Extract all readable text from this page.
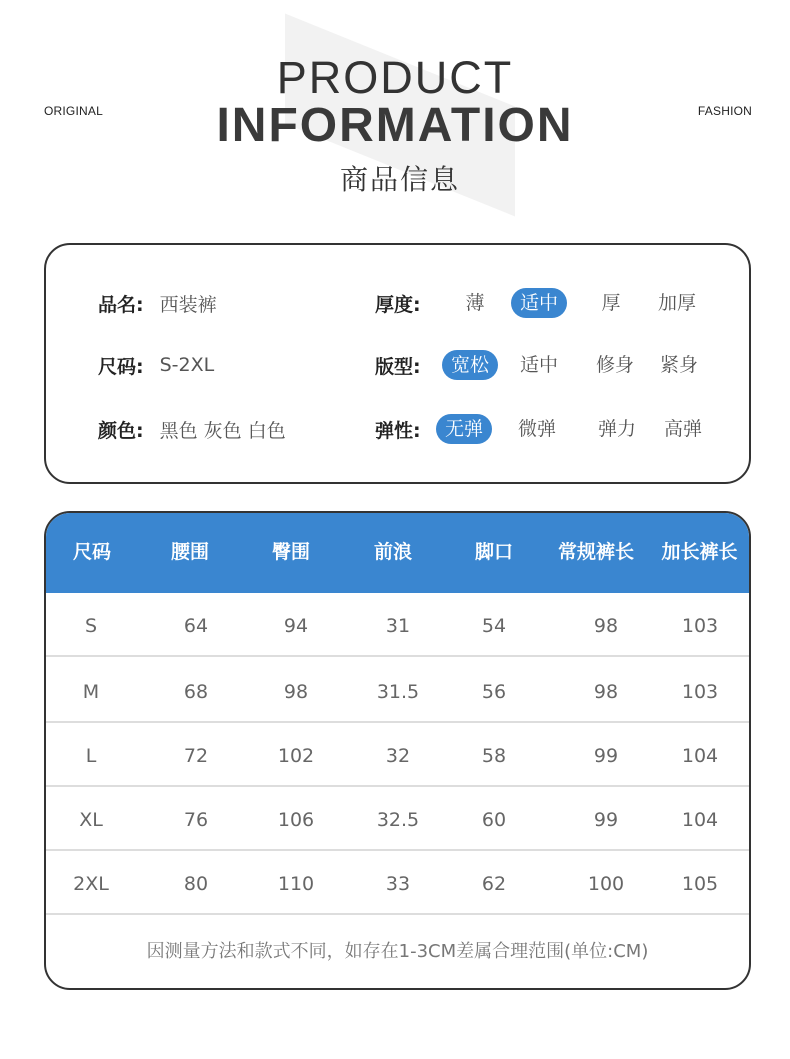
ORIGINAL	FASHION
PRODUCT
INFORMATION
商品信息
品名: 西装裤
尺码: S-2XL
颜色: 黑色 灰色 白色
厚度:	薄	适中	厚	加厚
版型:	宽松	适中	修身	紧身
弹性:	无弹	微弹	弹力	高弹
尺码	腰围	臀围	前浪	脚口	常规裤长	加长裤长
S	64	94	31	54	98	103
M	68	98	31.5	56	98	103
L	72	102	32	58	99	104
XL	76	106	32.5	60	99	104
2XL	80	110	33	62	100	105
因测量方法和款式不同，如存在1-3CM差属合理范围(单位:CM)
